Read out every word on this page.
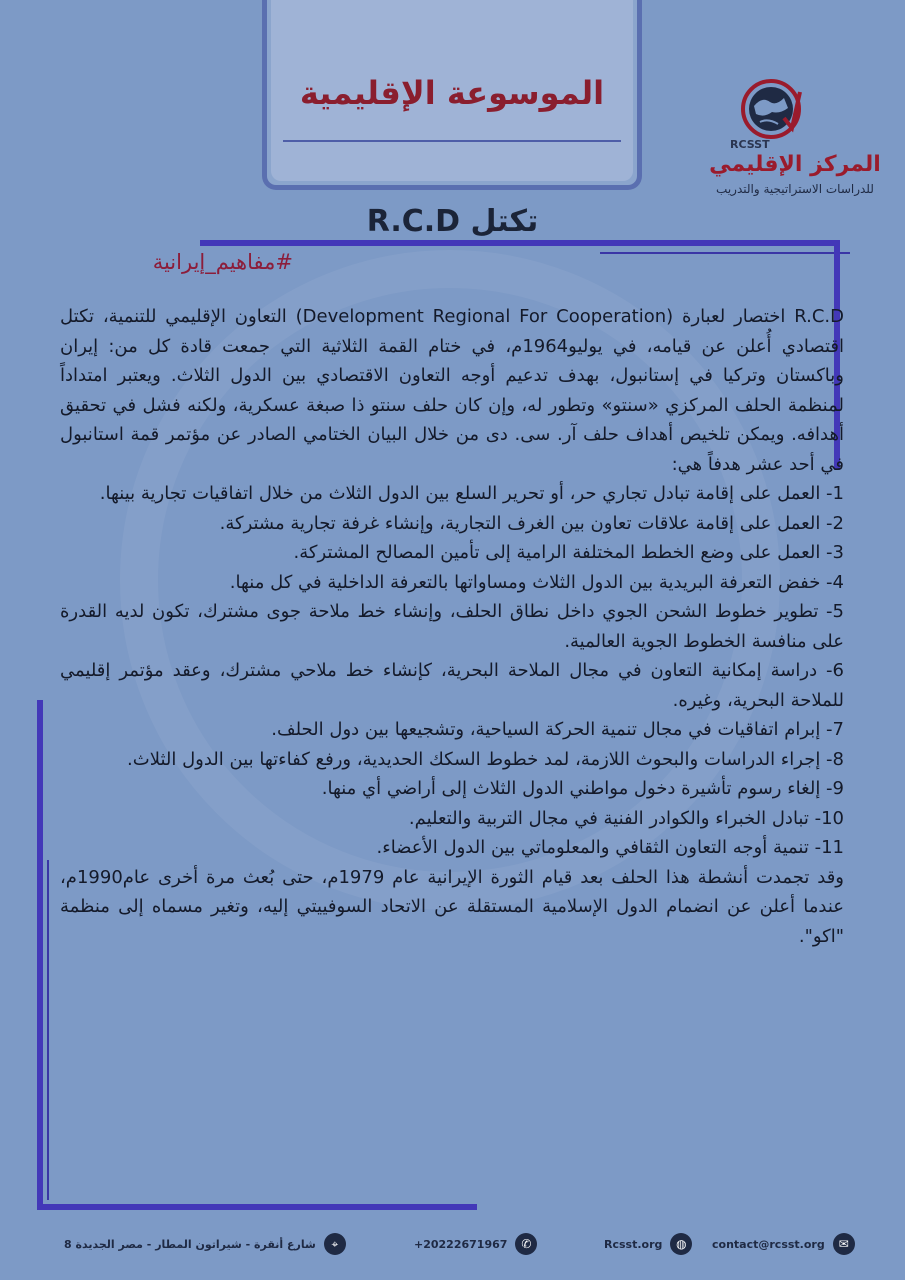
الموسوعة الإقليمية
RCSST
المركز الإقليمي
للدراسات الاستراتيجية والتدريب
تكتل R.C.D
#مفاهيم_إيرانية

R.C.D اختصار لعبارة (Development Regional For Cooperation) التعاون الإقليمي للتنمية، تكتل اقتصادي أُعلن عن قيامه، في يوليو1964م، في ختام القمة الثلاثية التي جمعت قادة كل من: إيران وباكستان وتركيا في إستانبول، بهدف تدعيم أوجه التعاون الاقتصادي بين الدول الثلاث. ويعتبر امتداداً لمنظمة الحلف المركزي «سنتو» وتطور له، وإن كان حلف سنتو ذا صبغة عسكرية، ولكنه فشل في تحقيق أهدافه. ويمكن تلخيص أهداف حلف آر. سى. دى من خلال البيان الختامي الصادر عن مؤتمر قمة استانبول في أحد عشر هدفاً هي:

1- العمل على إقامة تبادل تجاري حر، أو تحرير السلع بين الدول الثلاث من خلال اتفاقيات تجارية بينها.

2- العمل على إقامة علاقات تعاون بين الغرف التجارية، وإنشاء غرفة تجارية مشتركة.

3- العمل على وضع الخطط المختلفة الرامية إلى تأمين المصالح المشتركة.

4- خفض التعرفة البريدية بين الدول الثلاث ومساواتها بالتعرفة الداخلية في كل منها.

5- تطوير خطوط الشحن الجوي داخل نطاق الحلف، وإنشاء خط ملاحة جوى مشترك، تكون لديه القدرة على منافسة الخطوط الجوية العالمية.

6- دراسة إمكانية التعاون في مجال الملاحة البحرية، كإنشاء خط ملاحي مشترك، وعقد مؤتمر إقليمي للملاحة البحرية، وغيره.

7- إبرام اتفاقيات في مجال تنمية الحركة السياحية، وتشجيعها بين دول الحلف.

8- إجراء الدراسات والبحوث اللازمة، لمد خطوط السكك الحديدية، ورفع كفاءتها بين الدول الثلاث.

9- إلغاء رسوم تأشيرة دخول مواطني الدول الثلاث إلى أراضي أي منها.

10- تبادل الخبراء والكوادر الفنية في مجال التربية والتعليم.

11- تنمية أوجه التعاون الثقافي والمعلوماتي بين الدول الأعضاء.

وقد تجمدت أنشطة هذا الحلف بعد قيام الثورة الإيرانية عام 1979م، حتى بُعث مرة أخرى عام1990م، عندما أعلن عن انضمام الدول الإسلامية المستقلة عن الاتحاد السوفييتي إليه، وتغير مسماه إلى منظمة "اكو".

8 شارع أنقرة - شيراتون المطار - مصر الجديدة	⌖	+20222671967	✆	Rcsst.org	◍	contact@rcsst.org	✉
